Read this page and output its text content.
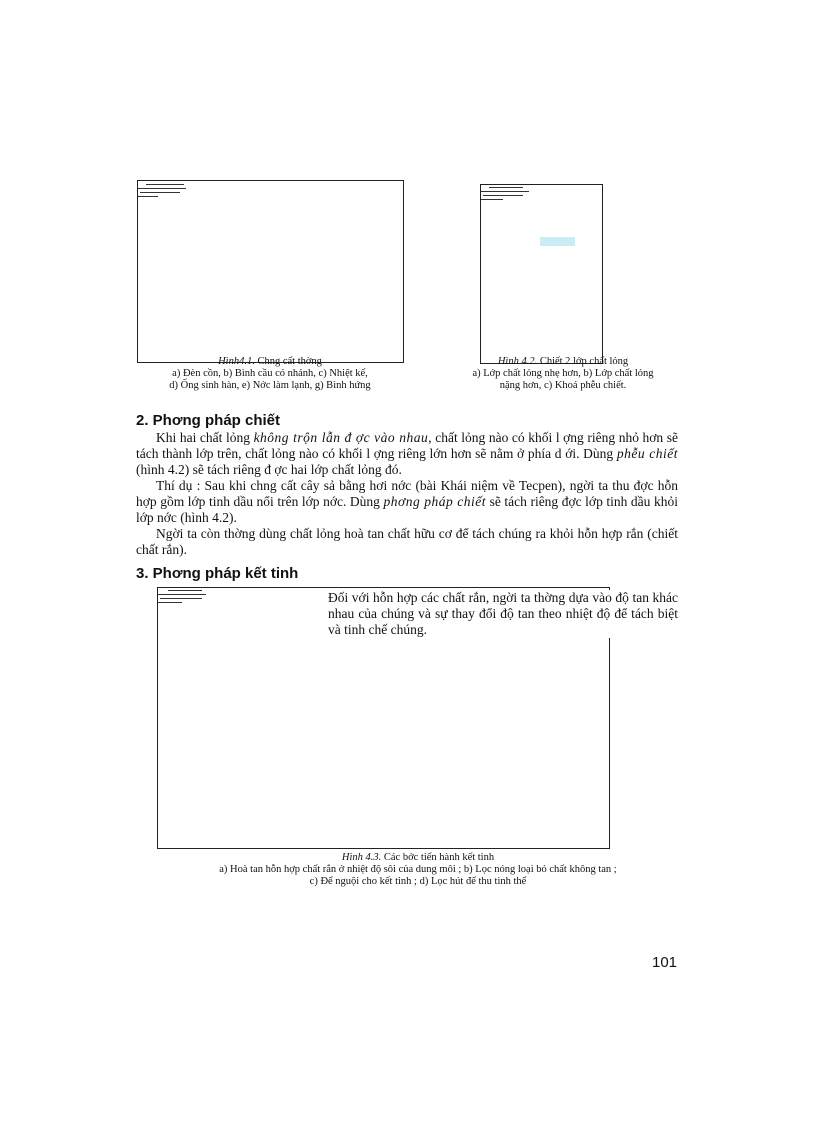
Hình4.1. Chng cất thờng
a) Đèn cồn, b) Bình cầu có nhánh, c) Nhiệt kế,
d) Ống sinh hàn, e) Nớc làm lạnh, g) Bình hứng
Hình 4.2. Chiết 2 lớp chất lỏng
a) Lớp chất lỏng nhẹ hơn, b) Lớp chất lỏng
nặng hơn, c) Khoá phễu chiết.
2. Phơng pháp chiết

Khi hai chất lỏng không trộn lẫn đ ợc vào nhau, chất lỏng nào có khối l ợng riêng nhỏ hơn sẽ tách thành lớp trên, chất lỏng nào có khối l ợng riêng lớn hơn sẽ nằm ở phía d ới. Dùng phễu chiết (hình 4.2) sẽ tách riêng đ ợc hai lớp chất lỏng đó.

Thí dụ : Sau khi chng cất cây sả bằng hơi nớc (bài Khái niệm về Tecpen), ngời ta thu đợc hỗn hợp gồm lớp tinh dầu nổi trên lớp nớc. Dùng phơng pháp chiết sẽ tách riêng đợc lớp tinh dầu khỏi lớp nớc (hình 4.2).

Ngời ta còn thờng dùng chất lỏng hoà tan chất hữu cơ để tách chúng ra khỏi hỗn hợp rắn (chiết chất rắn).

3. Phơng pháp kết tinh

Đối với hỗn hợp các chất rắn, ngời ta thờng dựa vào độ tan khác nhau của chúng và sự thay đổi độ tan theo nhiệt độ để tách biệt và tinh chế chúng.

Hình 4.3. Các bớc tiến hành kết tinh
a) Hoà tan hỗn hợp chất rắn ở nhiệt độ sôi của dung môi ; b) Lọc nóng loại bỏ chất không tan ;
c) Để nguội cho kết tinh ; d) Lọc hút để thu tinh thể
101
